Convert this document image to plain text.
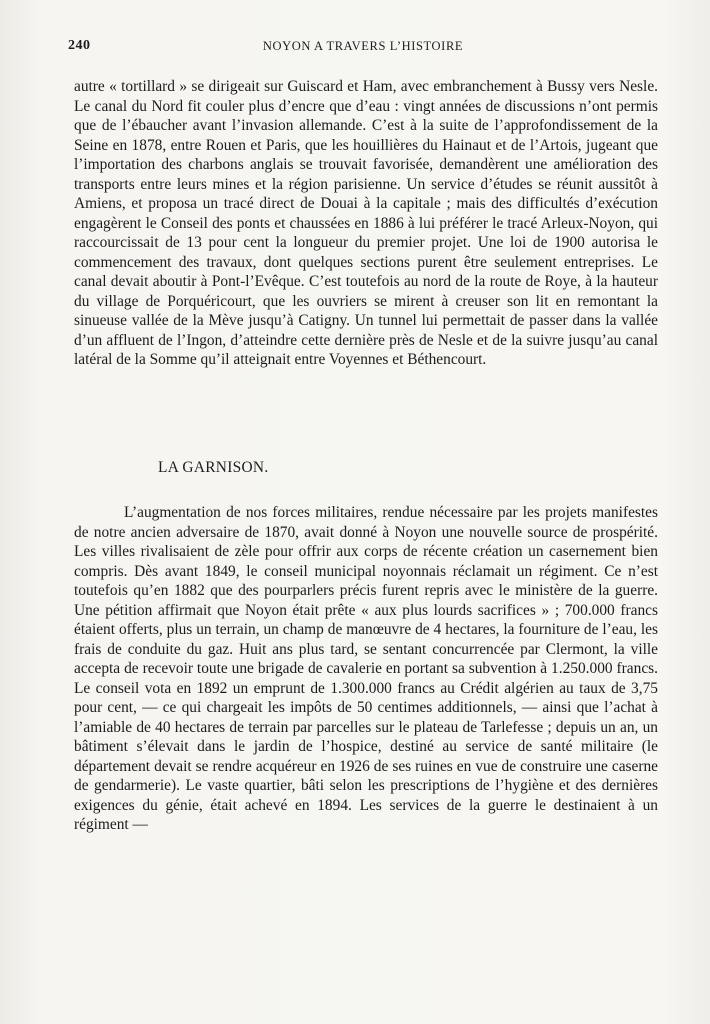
240	NOYON A TRAVERS L’HISTOIRE

autre « tortillard » se dirigeait sur Guiscard et Ham, avec embranchement à Bussy vers Nesle. Le canal du Nord fit couler plus d’encre que d’eau : vingt années de discussions n’ont permis que de l’ébaucher avant l’invasion allemande. C’est à la suite de l’approfondissement de la Seine en 1878, entre Rouen et Paris, que les houillières du Hainaut et de l’Artois, jugeant que l’importation des charbons anglais se trouvait favorisée, demandèrent une amélioration des transports entre leurs mines et la région parisienne. Un service d’études se réunit aussitôt à Amiens, et proposa un tracé direct de Douai à la capitale ; mais des difficultés d’exécution engagèrent le Conseil des ponts et chaussées en 1886 à lui préférer le tracé Arleux-Noyon, qui raccourcissait de 13 pour cent la longueur du premier projet. Une loi de 1900 autorisa le commencement des travaux, dont quelques sections purent être seulement entreprises. Le canal devait aboutir à Pont-l’Evêque. C’est toutefois au nord de la route de Roye, à la hauteur du village de Porquéricourt, que les ouvriers se mirent à creuser son lit en remontant la sinueuse vallée de la Mève jusqu’à Catigny. Un tunnel lui permettait de passer dans la vallée d’un affluent de l’Ingon, d’atteindre cette dernière près de Nesle et de la suivre jusqu’au canal latéral de la Somme qu’il atteignait entre Voyennes et Béthencourt.

LA GARNISON.

L’augmentation de nos forces militaires, rendue nécessaire par les projets manifestes de notre ancien adversaire de 1870, avait donné à Noyon une nouvelle source de prospérité. Les villes rivalisaient de zèle pour offrir aux corps de récente création un casernement bien compris. Dès avant 1849, le conseil municipal noyonnais réclamait un régiment. Ce n’est toutefois qu’en 1882 que des pourparlers précis furent repris avec le ministère de la guerre. Une pétition affirmait que Noyon était prête « aux plus lourds sacrifices » ; 700.000 francs étaient offerts, plus un terrain, un champ de manœuvre de 4 hectares, la fourniture de l’eau, les frais de conduite du gaz. Huit ans plus tard, se sentant concurrencée par Clermont, la ville accepta de recevoir toute une brigade de cavalerie en portant sa subvention à 1.250.000 francs. Le conseil vota en 1892 un emprunt de 1.300.000 francs au Crédit algérien au taux de 3,75 pour cent, — ce qui chargeait les impôts de 50 centimes additionnels, — ainsi que l’achat à l’amiable de 40 hectares de terrain par parcelles sur le plateau de Tarlefesse ; depuis un an, un bâtiment s’élevait dans le jardin de l’hospice, destiné au service de santé militaire (le département devait se rendre acquéreur en 1926 de ses ruines en vue de construire une caserne de gendarmerie). Le vaste quartier, bâti selon les prescriptions de l’hygiène et des dernières exigences du génie, était achevé en 1894. Les services de la guerre le destinaient à un régiment —
